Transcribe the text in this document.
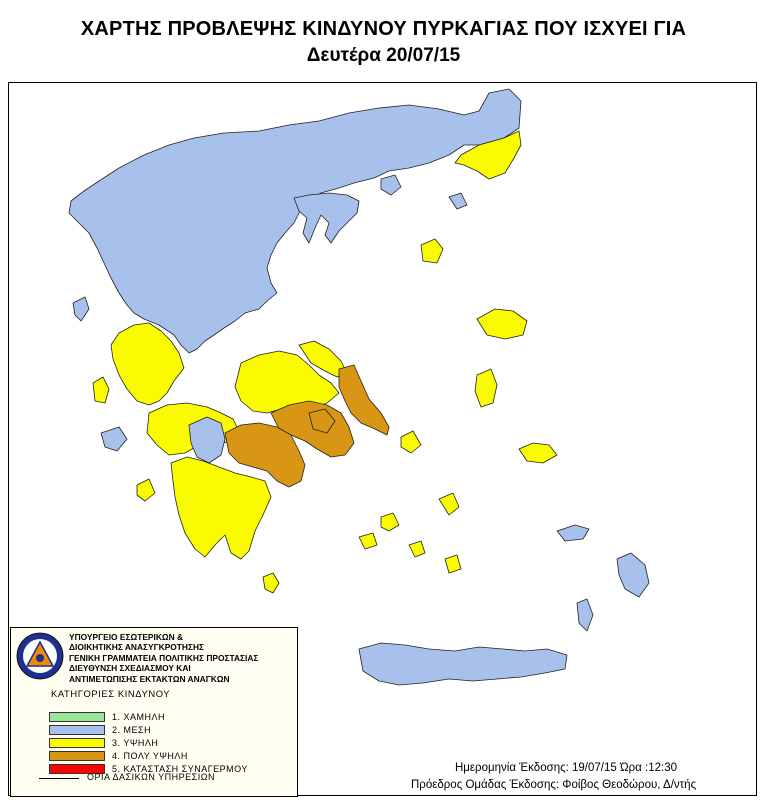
ΧΑΡΤΗΣ ΠΡΟΒΛΕΨΗΣ ΚΙΝΔΥΝΟΥ ΠΥΡΚΑΓΙΑΣ ΠΟΥ ΙΣΧΥΕΙ ΓΙΑ
Δευτέρα 20/07/15
ΥΠΟΥΡΓΕΙΟ ΕΣΩΤΕΡΙΚΩΝ &
ΔΙΟΙΚΗΤΙΚΗΣ ΑΝΑΣΥΓΚΡΟΤΗΣΗΣ
ΓΕΝΙΚΗ ΓΡΑΜΜΑΤΕΙΑ ΠΟΛΙΤΙΚΗΣ ΠΡΟΣΤΑΣΙΑΣ
ΔΙΕΥΘΥΝΣΗ ΣΧΕΔΙΑΣΜΟΥ ΚΑΙ
ΑΝΤΙΜΕΤΩΠΙΣΗΣ ΕΚΤΑΚΤΩΝ ΑΝΑΓΚΩΝ
ΚΑΤΗΓΟΡΙΕΣ ΚΙΝΔΥΝΟΥ
1. ΧΑΜΗΛΗ
2. ΜΕΣΗ
3. ΥΨΗΛΗ
4. ΠΟΛΥ ΥΨΗΛΗ
5. ΚΑΤΑΣΤΑΣΗ ΣΥΝΑΓΕΡΜΟΥ
ΟΡΙΑ ΔΑΣΙΚΩΝ ΥΠΗΡΕΣΙΩΝ
Ημερομηνία Έκδοσης: 19/07/15 Ώρα :12:30
Πρόεδρος Ομάδας Έκδοσης: Φοίβος Θεοδώρου, Δ/ντής
